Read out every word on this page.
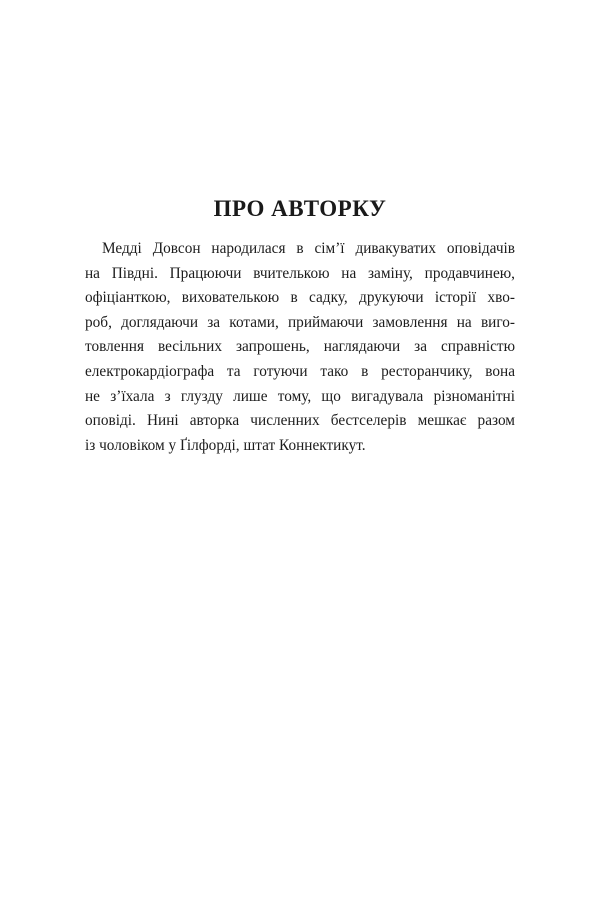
ПРО АВТОРКУ
Медді Довсон народилася в сім’ї дивакуватих оповідачів
на Півдні. Працюючи вчителькою на заміну, продавчинею,
офіціанткою, вихователькою в садку, друкуючи історії хво-
роб, доглядаючи за котами, приймаючи замовлення на виго-
товлення весільних запрошень, наглядаючи за справністю
електрокардіографа та готуючи тако в ресторанчику, вона
не з’їхала з глузду лише тому, що вигадувала різноманітні
оповіді. Нині авторка численних бестселерів мешкає разом
із чоловіком у Ґілфорді, штат Коннектикут.
